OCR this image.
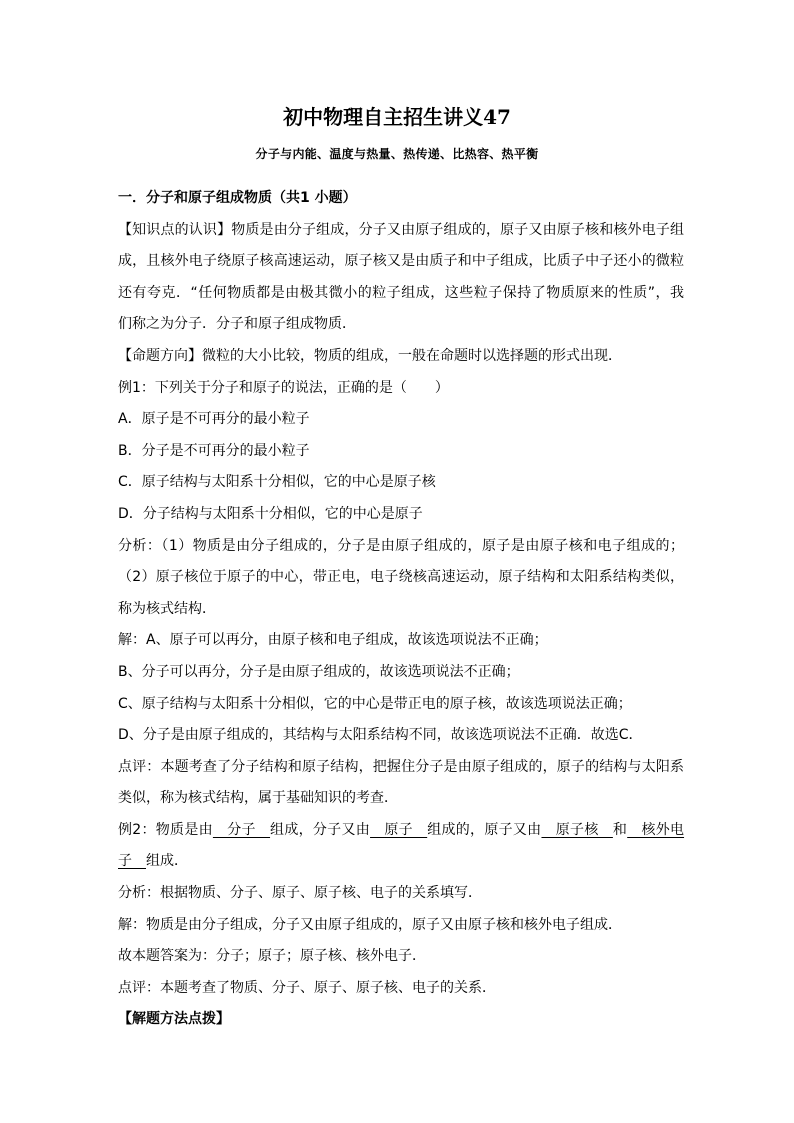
初中物理自主招生讲义47
分子与内能、温度与热量、热传递、比热容、热平衡
一．分子和原子组成物质（共1 小题）
【知识点的认识】物质是由分子组成，分子又由原子组成的，原子又由原子核和核外电子组
成，且核外电子绕原子核高速运动，原子核又是由质子和中子组成，比质子中子还小的微粒
还有夸克．“任何物质都是由极其微小的粒子组成，这些粒子保持了物质原来的性质”，我
们称之为分子．分子和原子组成物质．
【命题方向】微粒的大小比较，物质的组成，一般在命题时以选择题的形式出现．
例1：下列关于分子和原子的说法，正确的是（　　）
A．原子是不可再分的最小粒子
B．分子是不可再分的最小粒子
C．原子结构与太阳系十分相似，它的中心是原子核
D．分子结构与太阳系十分相似，它的中心是原子
分析：（1）物质是由分子组成的，分子是由原子组成的，原子是由原子核和电子组成的；
（2）原子核位于原子的中心，带正电，电子绕核高速运动，原子结构和太阳系结构类似，
称为核式结构．
解：A、原子可以再分，由原子核和电子组成，故该选项说法不正确；
B、分子可以再分，分子是由原子组成的，故该选项说法不正确；
C、原子结构与太阳系十分相似，它的中心是带正电的原子核，故该选项说法正确；
D、分子是由原子组成的，其结构与太阳系结构不同，故该选项说法不正确．故选C．
点评：本题考查了分子结构和原子结构，把握住分子是由原子组成的，原子的结构与太阳系
类似，称为核式结构，属于基础知识的考查．
例2：物质是由　分子　组成，分子又由　原子　组成的，原子又由　原子核　和　核外电
子　组成．
分析：根据物质、分子、原子、原子核、电子的关系填写．
解：物质是由分子组成，分子又由原子组成的，原子又由原子核和核外电子组成．
故本题答案为：分子；原子；原子核、核外电子．
点评：本题考查了物质、分子、原子、原子核、电子的关系．
【解题方法点拨】
